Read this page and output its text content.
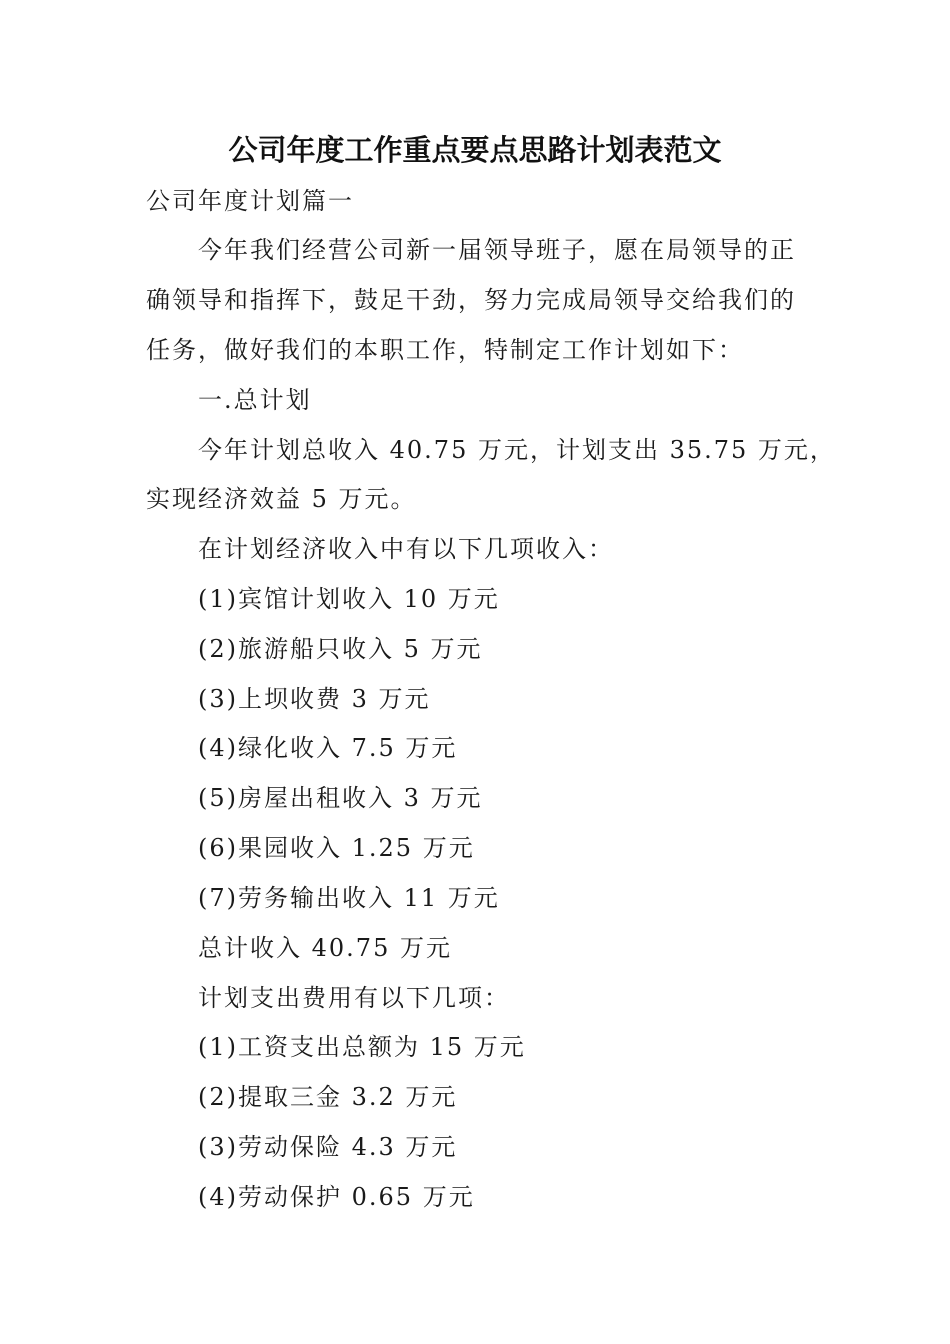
公司年度工作重点要点思路计划表范文
公司年度计划篇一
今年我们经营公司新一届领导班子，愿在局领导的正
确领导和指挥下，鼓足干劲，努力完成局领导交给我们的
任务，做好我们的本职工作，特制定工作计划如下：
一.总计划
今年计划总收入 40.75 万元，计划支出 35.75 万元，
实现经济效益 5 万元。
在计划经济收入中有以下几项收入：
(1)宾馆计划收入 10 万元
(2)旅游船只收入 5 万元
(3)上坝收费 3 万元
(4)绿化收入 7.5 万元
(5)房屋出租收入 3 万元
(6)果园收入 1.25 万元
(7)劳务输出收入 11 万元
总计收入 40.75 万元
计划支出费用有以下几项：
(1)工资支出总额为 15 万元
(2)提取三金 3.2 万元
(3)劳动保险 4.3 万元
(4)劳动保护 0.65 万元
